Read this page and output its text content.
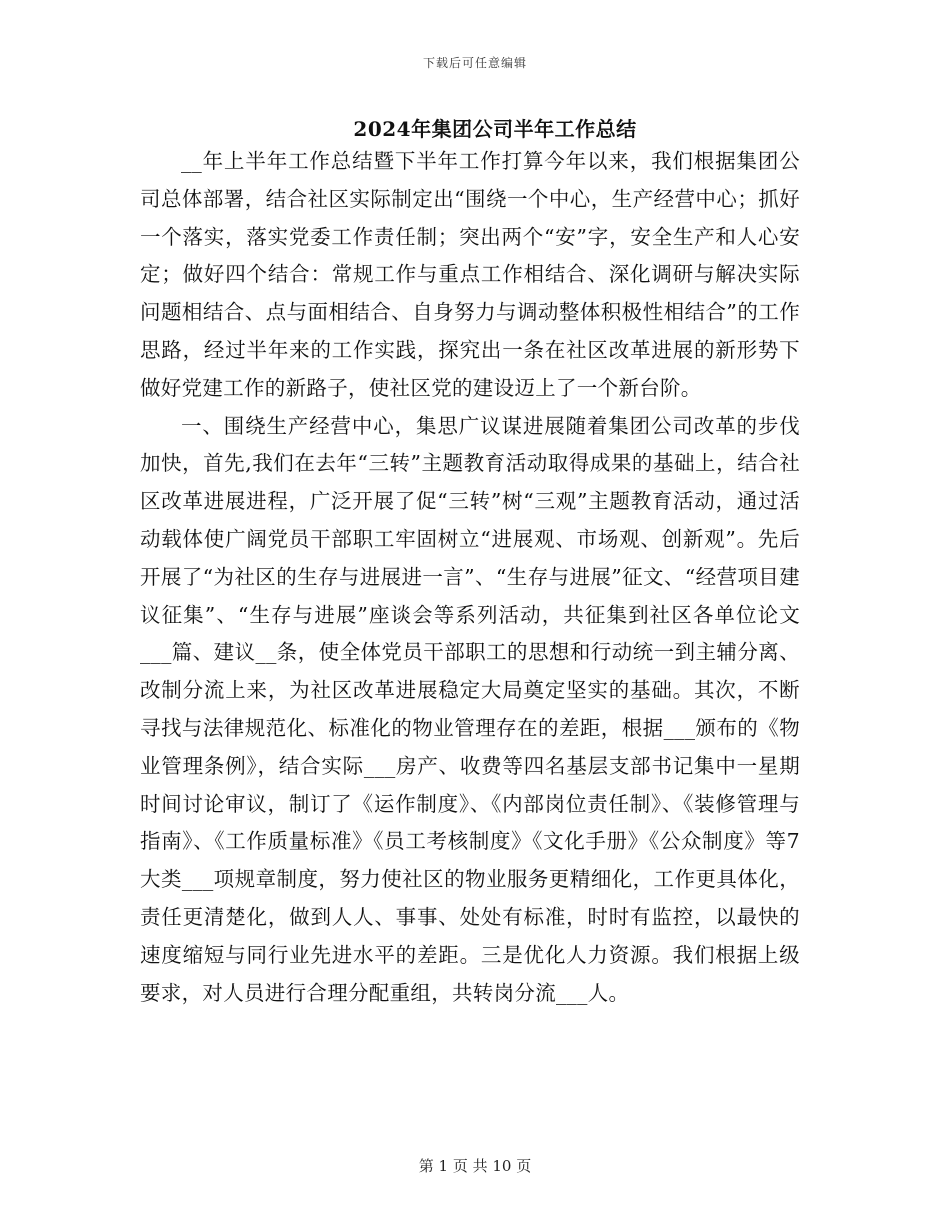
下载后可任意编辑
2024年集团公司半年工作总结

__年上半年工作总结暨下半年工作打算今年以来，我们根据集团公司总体部署，结合社区实际制定出“围绕一个中心，生产经营中心；抓好一个落实，落实党委工作责任制；突出两个“安”字，安全生产和人心安定；做好四个结合：常规工作与重点工作相结合、深化调研与解决实际问题相结合、点与面相结合、自身努力与调动整体积极性相结合”的工作思路，经过半年来的工作实践，探究出一条在社区改革进展的新形势下做好党建工作的新路子，使社区党的建设迈上了一个新台阶。

一、围绕生产经营中心，集思广议谋进展随着集团公司改革的步伐加快，首先,我们在去年“三转”主题教育活动取得成果的基础上，结合社区改革进展进程，广泛开展了促“三转”树“三观”主题教育活动，通过活动载体使广阔党员干部职工牢固树立“进展观、市场观、创新观”。先后开展了“为社区的生存与进展进一言”、“生存与进展”征文、“经营项目建议征集”、“生存与进展”座谈会等系列活动，共征集到社区各单位论文___篇、建议__条，使全体党员干部职工的思想和行动统一到主辅分离、改制分流上来，为社区改革进展稳定大局奠定坚实的基础。其次，不断寻找与法律规范化、标准化的物业管理存在的差距，根据___颁布的《物业管理条例》，结合实际___房产、收费等四名基层支部书记集中一星期时间讨论审议，制订了《运作制度》、《内部岗位责任制》、《装修管理与指南》、《工作质量标准》《员工考核制度》《文化手册》《公众制度》等7大类___项规章制度，努力使社区的物业服务更精细化，工作更具体化，责任更清楚化，做到人人、事事、处处有标准，时时有监控，以最快的速度缩短与同行业先进水平的差距。三是优化人力资源。我们根据上级要求，对人员进行合理分配重组，共转岗分流___人。

第 1 页 共 10 页
